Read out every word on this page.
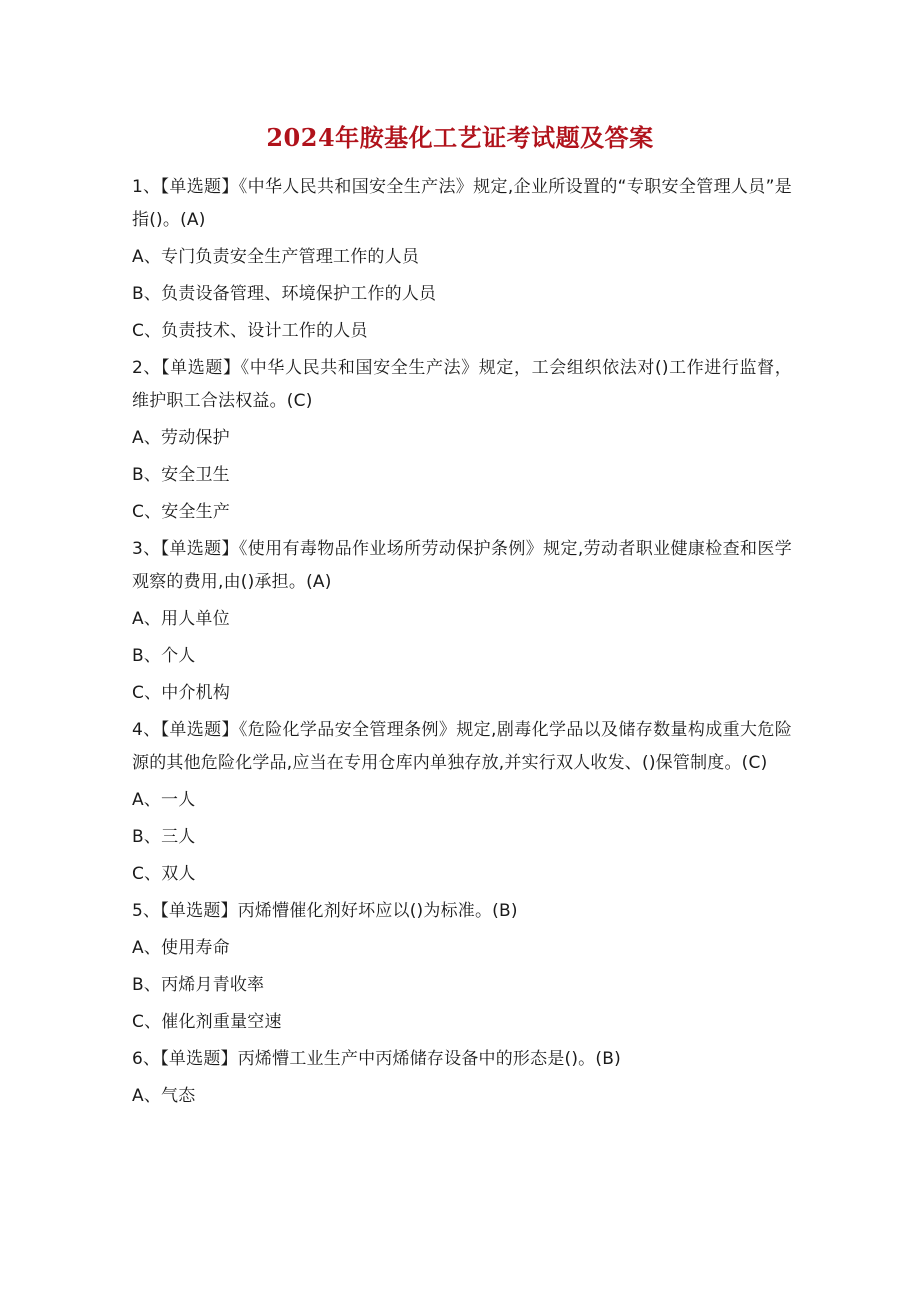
2024年胺基化工艺证考试题及答案

1、【单选题】《中华人民共和国安全生产法》规定,企业所设置的“专职安全管理人员”是指()。(A)

A、专门负责安全生产管理工作的人员

B、负责设备管理、环境保护工作的人员

C、负责技术、设计工作的人员

2、【单选题】《中华人民共和国安全生产法》规定，工会组织依法对()工作进行监督，维护职工合法权益。(C)

A、劳动保护

B、安全卫生

C、安全生产

3、【单选题】《使用有毒物品作业场所劳动保护条例》规定,劳动者职业健康检查和医学观察的费用,由()承担。(A)

A、用人单位

B、个人

C、中介机构

4、【单选题】《危险化学品安全管理条例》规定,剧毒化学品以及储存数量构成重大危险源的其他危险化学品,应当在专用仓库内单独存放,并实行双人收发、()保管制度。(C)

A、一人

B、三人

C、双人

5、【单选题】丙烯懵催化剂好坏应以()为标准。(B)

A、使用寿命

B、丙烯月青收率

C、催化剂重量空速

6、【单选题】丙烯懵工业生产中丙烯储存设备中的形态是()。(B)

A、气态
